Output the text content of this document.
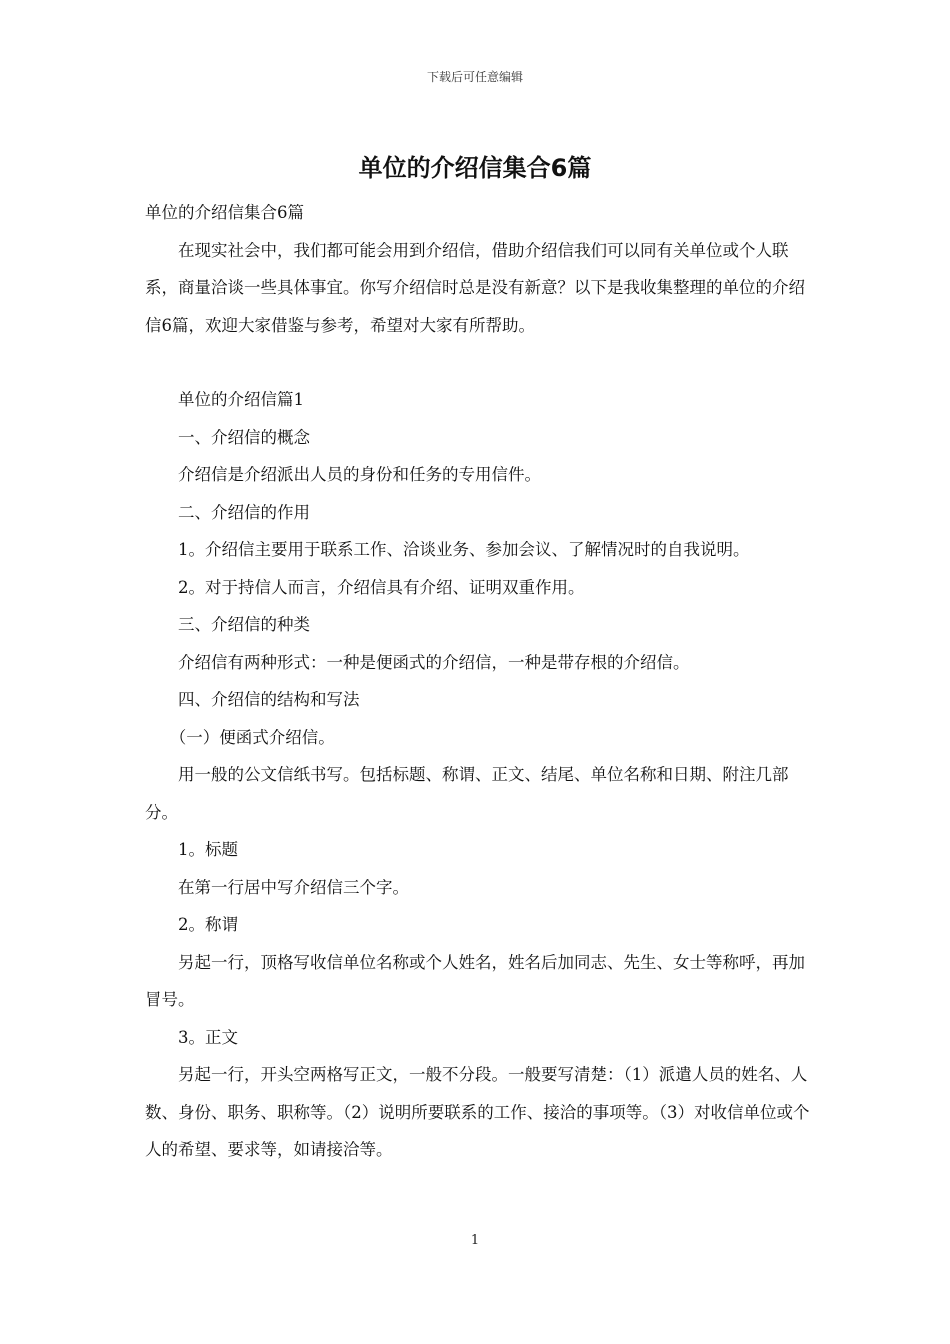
下载后可任意编辑
单位的介绍信集合6篇

单位的介绍信集合6篇

在现实社会中，我们都可能会用到介绍信，借助介绍信我们可以同有关单位或个人联系，商量洽谈一些具体事宜。你写介绍信时总是没有新意？以下是我收集整理的单位的介绍信6篇，欢迎大家借鉴与参考，希望对大家有所帮助。

单位的介绍信篇1

一、介绍信的概念

介绍信是介绍派出人员的身份和任务的专用信件。

二、介绍信的作用

1。介绍信主要用于联系工作、洽谈业务、参加会议、了解情况时的自我说明。

2。对于持信人而言，介绍信具有介绍、证明双重作用。

三、介绍信的种类

介绍信有两种形式：一种是便函式的介绍信，一种是带存根的介绍信。

四、介绍信的结构和写法

（一）便函式介绍信。

用一般的公文信纸书写。包括标题、称谓、正文、结尾、单位名称和日期、附注几部分。

1。标题

在第一行居中写介绍信三个字。

2。称谓

另起一行，顶格写收信单位名称或个人姓名，姓名后加同志、先生、女士等称呼，再加冒号。

3。正文

另起一行，开头空两格写正文，一般不分段。一般要写清楚：（1）派遣人员的姓名、人数、身份、职务、职称等。（2）说明所要联系的工作、接洽的事项等。（3）对收信单位或个人的希望、要求等，如请接洽等。

1
